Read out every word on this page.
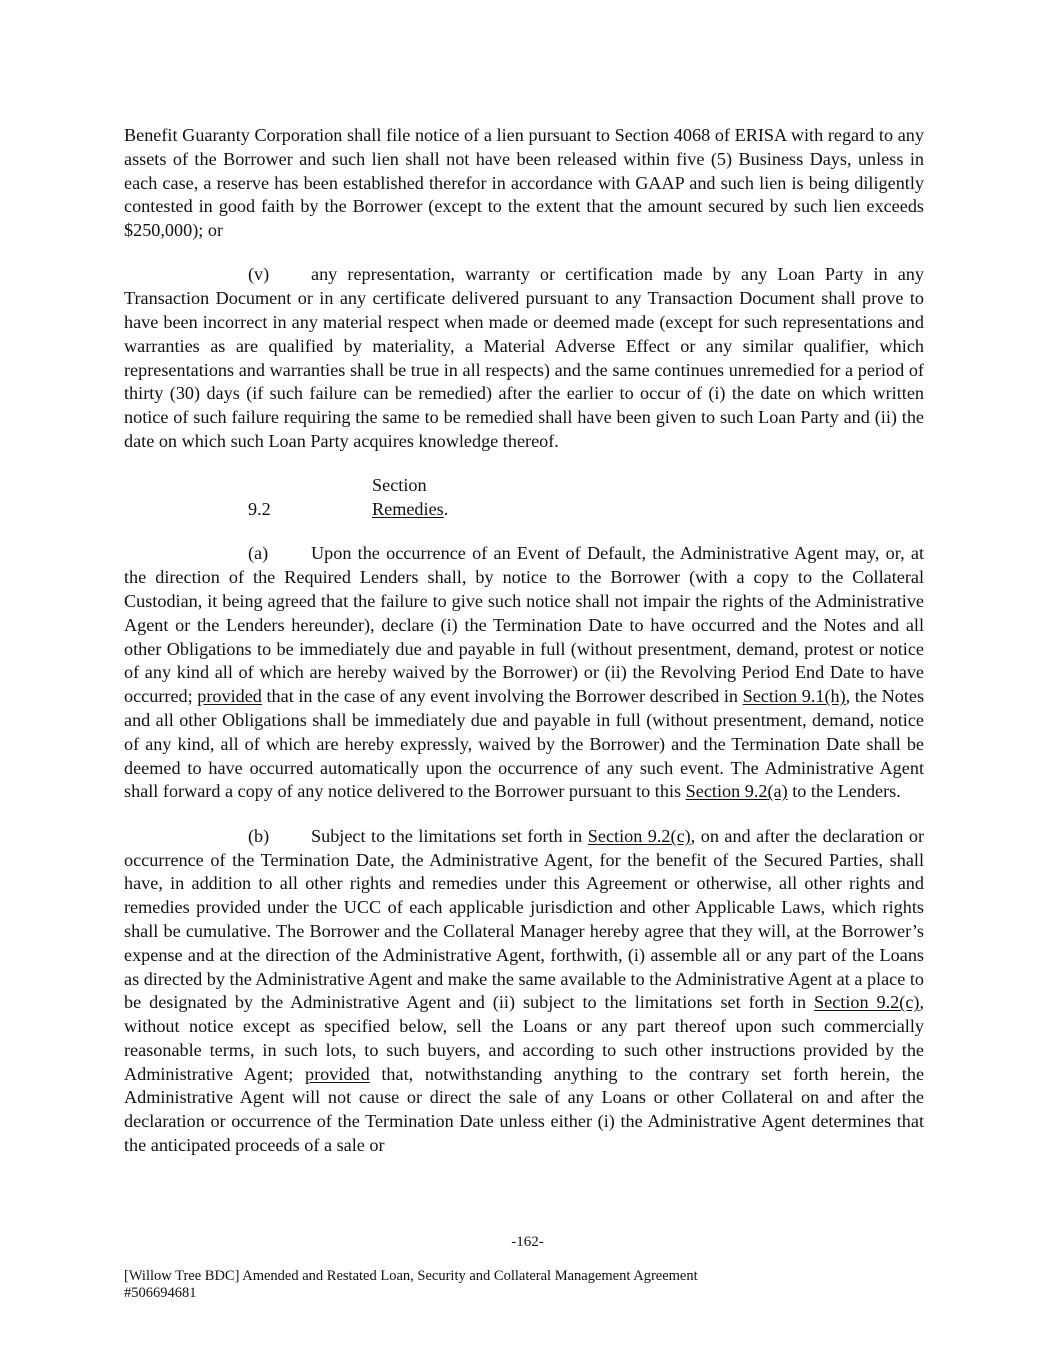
Benefit Guaranty Corporation shall file notice of a lien pursuant to Section 4068 of ERISA with regard to any assets of the Borrower and such lien shall not have been released within five (5) Business Days, unless in each case, a reserve has been established therefor in accordance with GAAP and such lien is being diligently contested in good faith by the Borrower (except to the extent that the amount secured by such lien exceeds $250,000); or

(v) any representation, warranty or certification made by any Loan Party in any Transaction Document or in any certificate delivered pursuant to any Transaction Document shall prove to have been incorrect in any material respect when made or deemed made (except for such representations and warranties as are qualified by materiality, a Material Adverse Effect or any similar qualifier, which representations and warranties shall be true in all respects) and the same continues unremedied for a period of thirty (30) days (if such failure can be remedied) after the earlier to occur of (i) the date on which written notice of such failure requiring the same to be remedied shall have been given to such Loan Party and (ii) the date on which such Loan Party acquires knowledge thereof.

Section 9.2	Remedies.

(a) Upon the occurrence of an Event of Default, the Administrative Agent may, or, at the direction of the Required Lenders shall, by notice to the Borrower (with a copy to the Collateral Custodian, it being agreed that the failure to give such notice shall not impair the rights of the Administrative Agent or the Lenders hereunder), declare (i) the Termination Date to have occurred and the Notes and all other Obligations to be immediately due and payable in full (without presentment, demand, protest or notice of any kind all of which are hereby waived by the Borrower) or (ii) the Revolving Period End Date to have occurred; provided that in the case of any event involving the Borrower described in Section 9.1(h), the Notes and all other Obligations shall be immediately due and payable in full (without presentment, demand, notice of any kind, all of which are hereby expressly, waived by the Borrower) and the Termination Date shall be deemed to have occurred automatically upon the occurrence of any such event. The Administrative Agent shall forward a copy of any notice delivered to the Borrower pursuant to this Section 9.2(a) to the Lenders.

(b) Subject to the limitations set forth in Section 9.2(c), on and after the declaration or occurrence of the Termination Date, the Administrative Agent, for the benefit of the Secured Parties, shall have, in addition to all other rights and remedies under this Agreement or otherwise, all other rights and remedies provided under the UCC of each applicable jurisdiction and other Applicable Laws, which rights shall be cumulative. The Borrower and the Collateral Manager hereby agree that they will, at the Borrower’s expense and at the direction of the Administrative Agent, forthwith, (i) assemble all or any part of the Loans as directed by the Administrative Agent and make the same available to the Administrative Agent at a place to be designated by the Administrative Agent and (ii) subject to the limitations set forth in Section 9.2(c), without notice except as specified below, sell the Loans or any part thereof upon such commercially reasonable terms, in such lots, to such buyers, and according to such other instructions provided by the Administrative Agent; provided that, notwithstanding anything to the contrary set forth herein, the Administrative Agent will not cause or direct the sale of any Loans or other Collateral on and after the declaration or occurrence of the Termination Date unless either (i) the Administrative Agent determines that the anticipated proceeds of a sale or

-162-
[Willow Tree BDC] Amended and Restated Loan, Security and Collateral Management Agreement
#506694681
